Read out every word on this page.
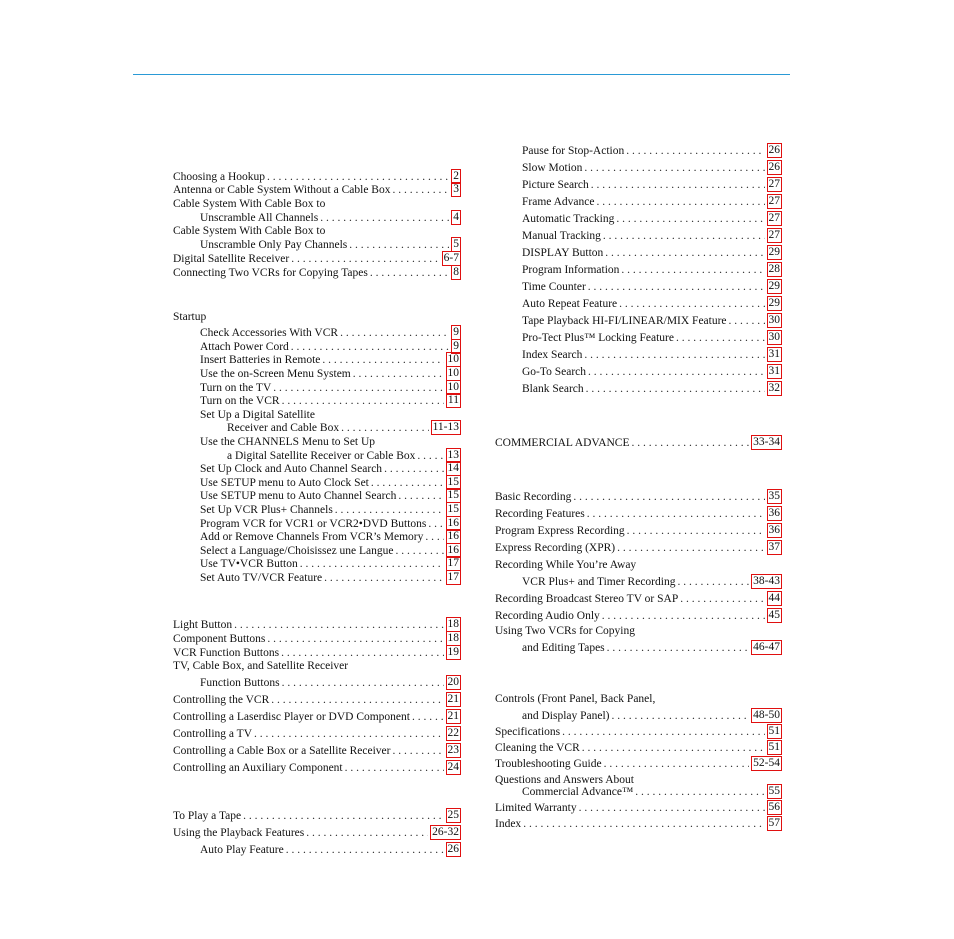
Startup
Choosing a Hookup . . .	2
Antenna or Cable System Without a Cable Box . . .	3
Cable System With Cable Box to
Unscramble All Channels . . .	4
Cable System With Cable Box to
Unscramble Only Pay Channels . . .	5
Digital Satellite Receiver . . .	6-7
Connecting Two VCRs for Copying Tapes . . .	8
Check Accessories With VCR . . .	9
Attach Power Cord . . .	9
Insert Batteries in Remote . . .	10
Use the on-Screen Menu System . . .	10
Turn on the TV . . .	10
Turn on the VCR . . .	11
Set Up a Digital Satellite
Receiver and Cable Box . . .	11-13
Use the CHANNELS Menu to Set Up
a Digital Satellite Receiver or Cable Box . . .	13
Set Up Clock and Auto Channel Search . . .	14
Use SETUP menu to Auto Clock Set . . .	15
Use SETUP menu to Auto Channel Search . . .	15
Set Up VCR Plus+ Channels . . .	15
Program VCR for VCR1 or VCR2•DVD Buttons . . . 16
Add or Remove Channels From VCR’s Memory . . . 16
Select a Language/Choisissez une Langue . . .	16
Use TV•VCR Button . . .	17
Set Auto TV/VCR Feature . . .	17
Light Button . . .	18
Component Buttons . . .	18
VCR Function Buttons . . .	19
TV, Cable Box, and Satellite Receiver
Function Buttons . . .	20
Controlling the VCR . . .	21
Controlling a Laserdisc Player or DVD Component . . .	21
Controlling a TV . . .	22
Controlling a Cable Box or a Satellite Receiver . . .	23
Controlling an Auxiliary Component . . .	24
To Play a Tape . . .	25
Using the Playback Features . . .	26-32
Auto Play Feature . . .	26
Pause for Stop-Action . . .	26
Slow Motion . . .	26
Picture Search . . .	27
Frame Advance . . .	27
Automatic Tracking . . .	27
Manual Tracking . . .	27
DISPLAY Button . . .	29
Program Information . . .	28
Time Counter . . .	29
Auto Repeat Feature . . .	29
Tape Playback HI-FI/LINEAR/MIX Feature . . .	30
Pro-Tect Plus™ Locking Feature . . .	30
Index Search . . .	31
Go-To Search . . .	31
Blank Search . . .	32
COMMERCIAL ADVANCE . . .	33-34
Basic Recording . . .	35
Recording Features . . .	36
Program Express Recording . . .	36
Express Recording (XPR) . . .	37
Recording While You’re Away
VCR Plus+ and Timer Recording . . .	38-43
Recording Broadcast Stereo TV or SAP . . .	44
Recording Audio Only . . .	45
Using Two VCRs for Copying
and Editing Tapes . . .	46-47
Controls (Front Panel, Back Panel,
and Display Panel) . . .	48-50
Specifications . . .	51
Cleaning the VCR . . .	51
Troubleshooting Guide . . .	52-54
Questions and Answers About
Commercial Advance™ . . .	55
Limited Warranty . . .	56
Index . . .	57
